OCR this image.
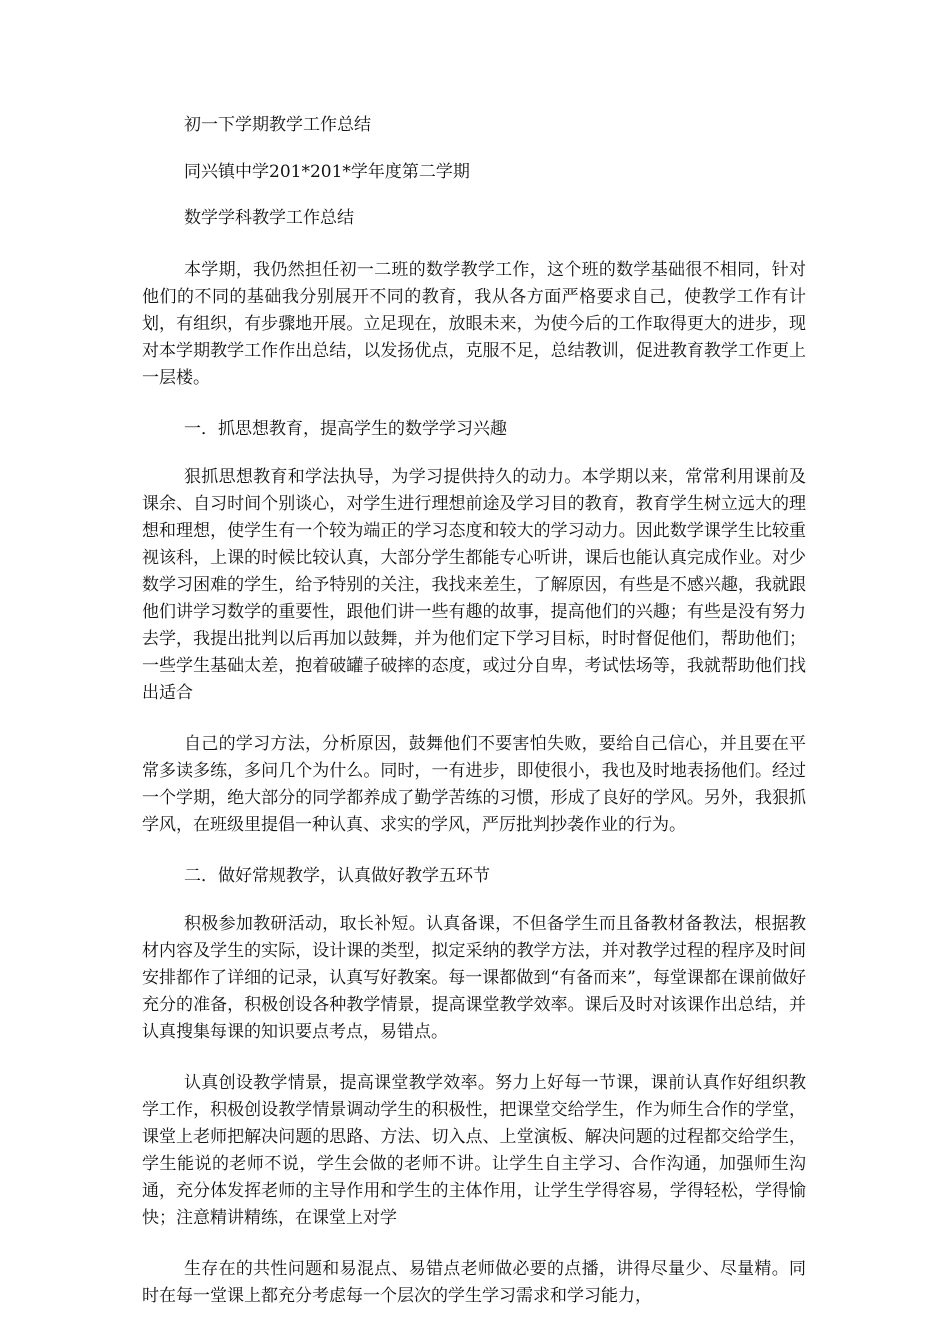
初一下学期教学工作总结

同兴镇中学201*201*学年度第二学期

数学学科教学工作总结

本学期，我仍然担任初一二班的数学教学工作，这个班的数学基础很不相同，针对他们的不同的基础我分别展开不同的教育，我从各方面严格要求自己，使教学工作有计划，有组织，有步骤地开展。立足现在，放眼未来，为使今后的工作取得更大的进步，现对本学期教学工作作出总结，以发扬优点，克服不足，总结教训，促进教育教学工作更上一层楼。

一．抓思想教育，提高学生的数学学习兴趣

狠抓思想教育和学法执导，为学习提供持久的动力。本学期以来，常常利用课前及课余、自习时间个别谈心，对学生进行理想前途及学习目的教育，教育学生树立远大的理想和理想，使学生有一个较为端正的学习态度和较大的学习动力。因此数学课学生比较重视该科，上课的时候比较认真，大部分学生都能专心听讲，课后也能认真完成作业。对少数学习困难的学生，给予特别的关注，我找来差生，了解原因，有些是不感兴趣，我就跟他们讲学习数学的重要性，跟他们讲一些有趣的故事，提高他们的兴趣；有些是没有努力去学，我提出批判以后再加以鼓舞，并为他们定下学习目标，时时督促他们，帮助他们；一些学生基础太差，抱着破罐子破摔的态度，或过分自卑，考试怯场等，我就帮助他们找出适合

自己的学习方法，分析原因，鼓舞他们不要害怕失败，要给自己信心，并且要在平常多读多练，多问几个为什么。同时，一有进步，即使很小，我也及时地表扬他们。经过一个学期，绝大部分的同学都养成了勤学苦练的习惯，形成了良好的学风。另外，我狠抓学风，在班级里提倡一种认真、求实的学风，严厉批判抄袭作业的行为。

二．做好常规教学，认真做好教学五环节

积极参加教研活动，取长补短。认真备课，不但备学生而且备教材备教法，根据教材内容及学生的实际，设计课的类型，拟定采纳的教学方法，并对教学过程的程序及时间安排都作了详细的记录，认真写好教案。每一课都做到“有备而来”，每堂课都在课前做好充分的准备，积极创设各种教学情景，提高课堂教学效率。课后及时对该课作出总结，并认真搜集每课的知识要点考点，易错点。

认真创设教学情景，提高课堂教学效率。努力上好每一节课，课前认真作好组织教学工作，积极创设教学情景调动学生的积极性，把课堂交给学生，作为师生合作的学堂，课堂上老师把解决问题的思路、方法、切入点、上堂演板、解决问题的过程都交给学生，学生能说的老师不说，学生会做的老师不讲。让学生自主学习、合作沟通，加强师生沟通，充分体发挥老师的主导作用和学生的主体作用，让学生学得容易，学得轻松，学得愉快；注意精讲精练，在课堂上对学

生存在的共性问题和易混点、易错点老师做必要的点播，讲得尽量少、尽量精。同时在每一堂课上都充分考虑每一个层次的学生学习需求和学习能力，
